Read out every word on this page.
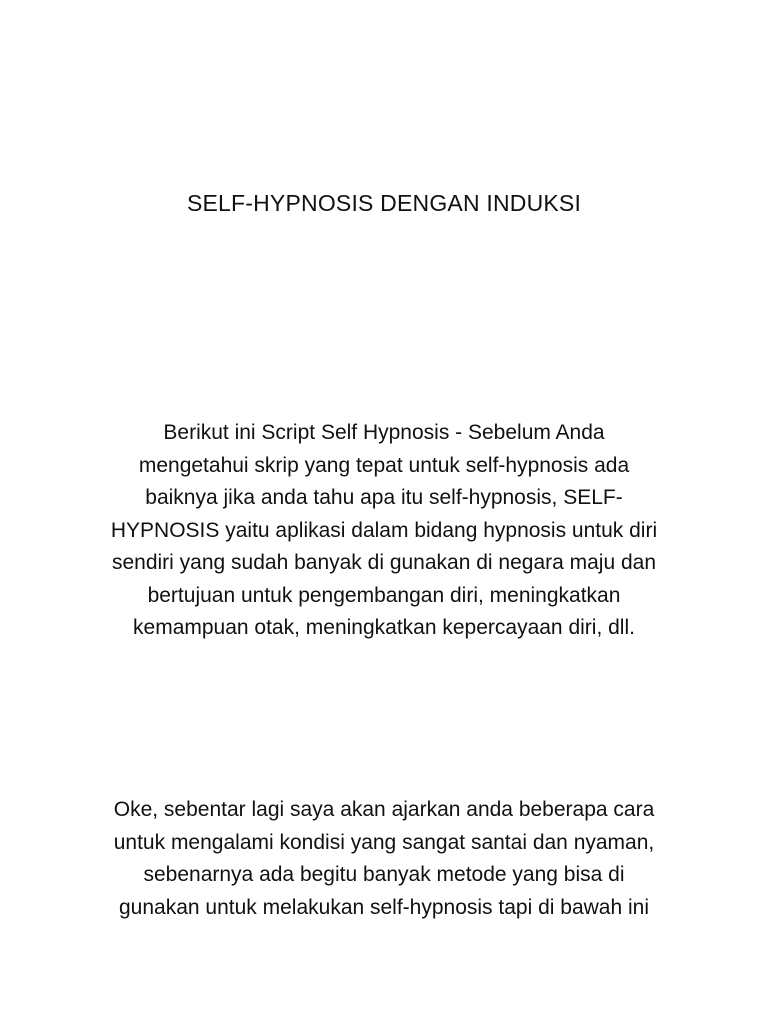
SELF-HYPNOSIS DENGAN INDUKSI

Berikut ini Script Self Hypnosis - Sebelum Anda
mengetahui skrip yang tepat untuk self-hypnosis ada
baiknya jika anda tahu apa itu self-hypnosis, SELF-
HYPNOSIS yaitu aplikasi dalam bidang hypnosis untuk diri
sendiri yang sudah banyak di gunakan di negara maju dan
bertujuan untuk pengembangan diri, meningkatkan
kemampuan otak, meningkatkan kepercayaan diri, dll.

Oke, sebentar lagi saya akan ajarkan anda beberapa cara
untuk mengalami kondisi yang sangat santai dan nyaman,
sebenarnya ada begitu banyak metode yang bisa di
gunakan untuk melakukan self-hypnosis tapi di bawah ini
